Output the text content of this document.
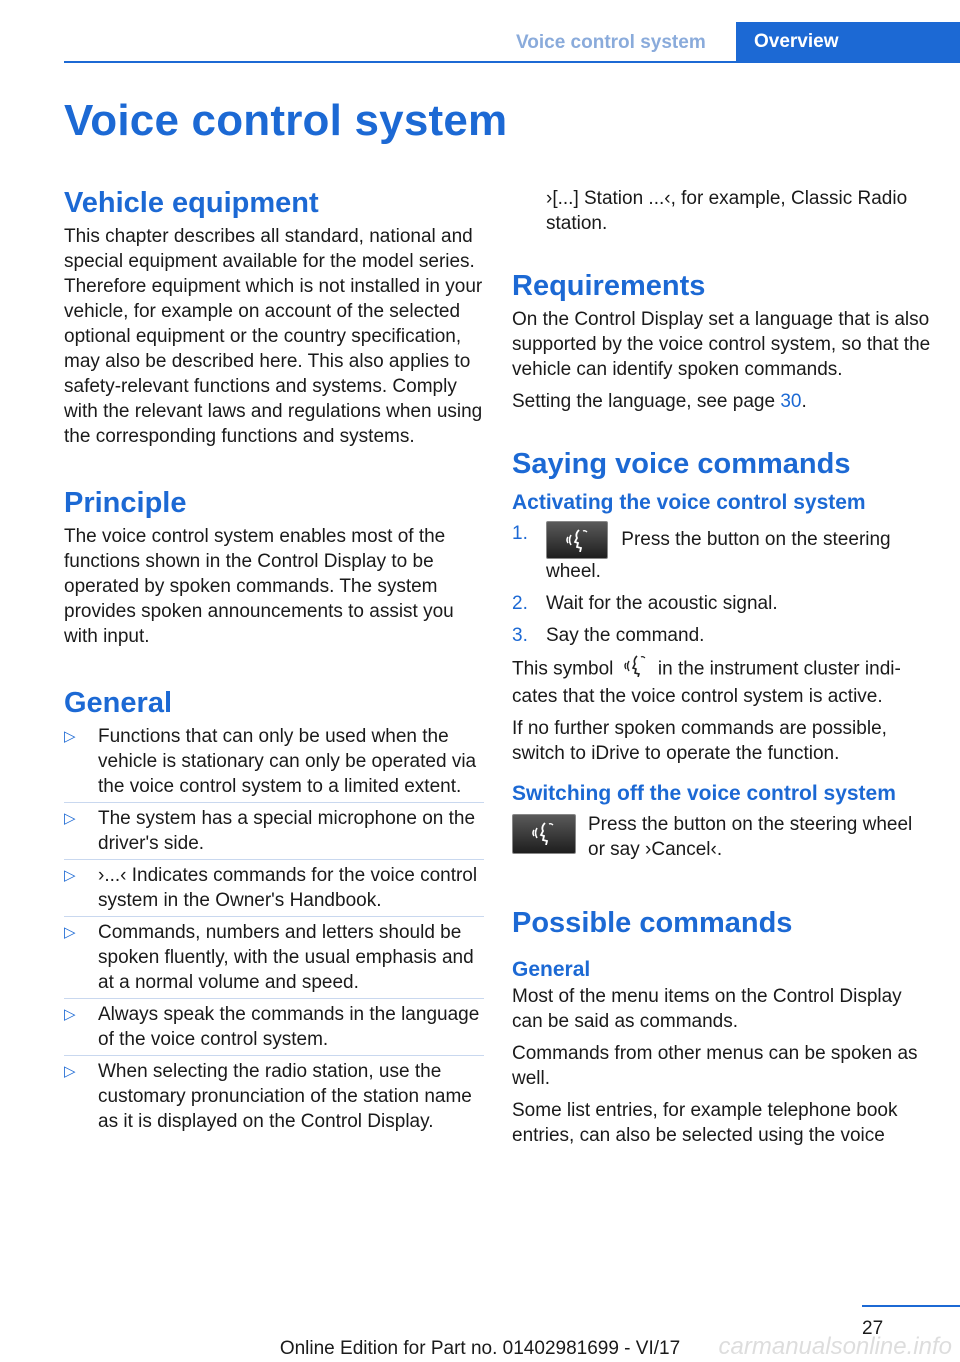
Voice control system	Overview
Voice control system
Vehicle equipment

This chapter describes all standard, national and special equipment available for the model series. Therefore equipment which is not installed in your vehicle, for example on account of the selected optional equipment or the country specification, may also be described here. This also applies to safety-relevant functions and systems. Comply with the relevant laws and regulations when using the corresponding functions and systems.

Principle

The voice control system enables most of the functions shown in the Control Display to be operated by spoken commands. The system provides spoken announcements to assist you with input.

General
▷ Functions that can only be used when the vehicle is stationary can only be operated via the voice control system to a limited extent.
▷ The system has a special microphone on the driver's side.
▷ ›...‹ Indicates commands for the voice control system in the Owner's Handbook.
▷ Commands, numbers and letters should be spoken fluently, with the usual emphasis and at a normal volume and speed.
▷ Always speak the commands in the language of the voice control system.
▷ When selecting the radio station, use the customary pronunciation of the station name as it is displayed on the Control Display.

›[...] Station ...‹, for example, Classic Radio station.

Requirements

On the Control Display set a language that is also supported by the voice control system, so that the vehicle can identify spoken commands.

Setting the language, see page 30.

Saying voice commands
Activating the voice control system
1.	Press the button on the steering wheel.
2. Wait for the acoustic signal.
3. Say the command.

This symbol in the instrument cluster indicates that the voice control system is active.

If no further spoken commands are possible, switch to iDrive to operate the function.

Switching off the voice control system

Press the button on the steering wheel or say ›Cancel‹.

Possible commands
General

Most of the menu items on the Control Display can be said as commands.

Commands from other menus can be spoken as well.

Some list entries, for example telephone book entries, can also be selected using the voice

27
Online Edition for Part no. 01402981699 - VI/17	carmanualsonline.info
